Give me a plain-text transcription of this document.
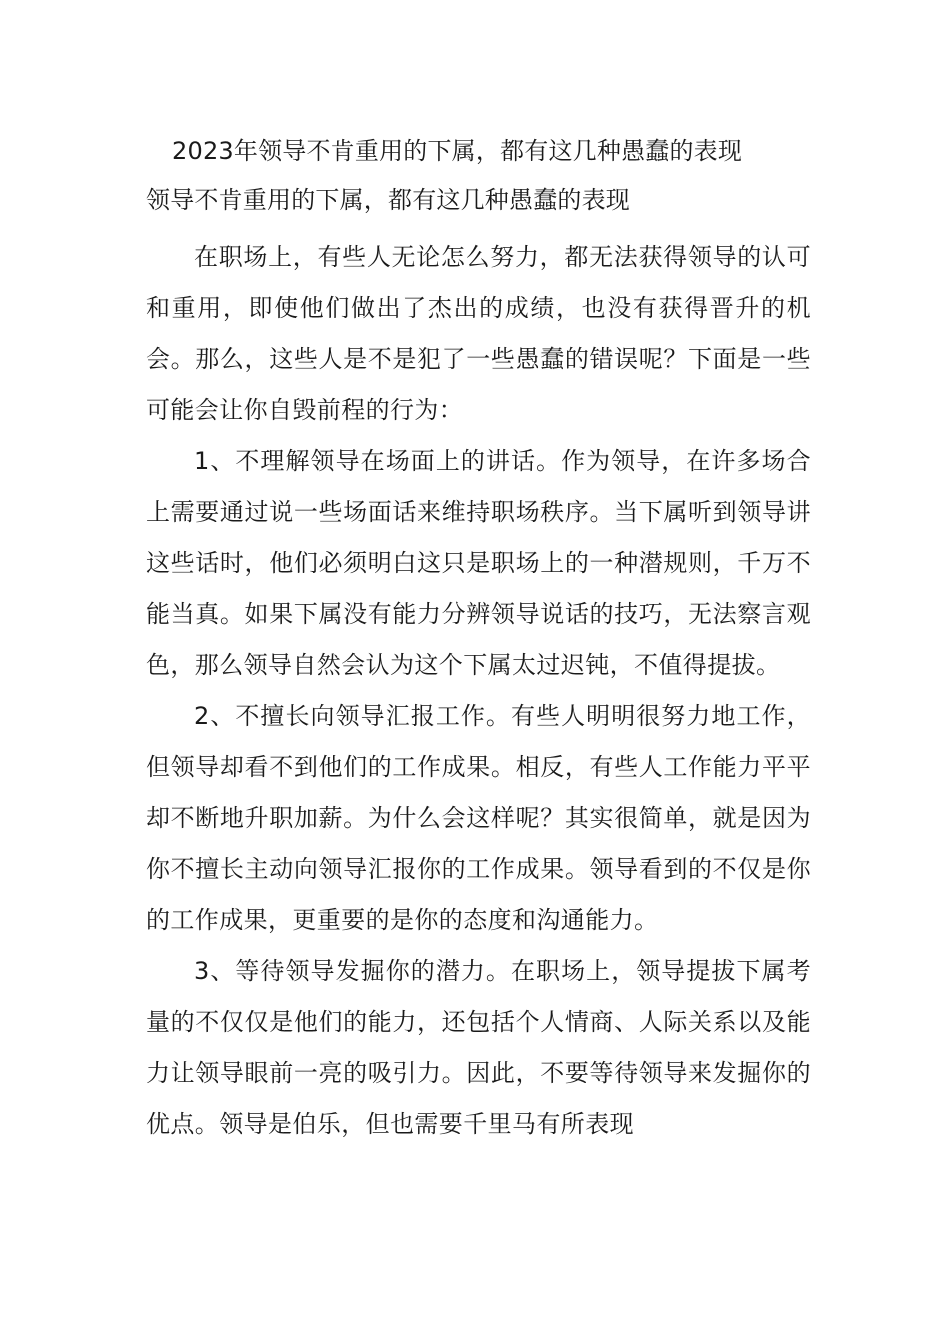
2023年领导不肯重用的下属，都有这几种愚蠢的表现
领导不肯重用的下属，都有这几种愚蠢的表现

在职场上，有些人无论怎么努力，都无法获得领导的认可和重用，即使他们做出了杰出的成绩，也没有获得晋升的机会。那么，这些人是不是犯了一些愚蠢的错误呢？下面是一些可能会让你自毁前程的行为：

1、不理解领导在场面上的讲话。作为领导，在许多场合上需要通过说一些场面话来维持职场秩序。当下属听到领导讲这些话时，他们必须明白这只是职场上的一种潜规则，千万不能当真。如果下属没有能力分辨领导说话的技巧，无法察言观色，那么领导自然会认为这个下属太过迟钝，不值得提拔。

2、不擅长向领导汇报工作。有些人明明很努力地工作，但领导却看不到他们的工作成果。相反，有些人工作能力平平却不断地升职加薪。为什么会这样呢？其实很简单，就是因为你不擅长主动向领导汇报你的工作成果。领导看到的不仅是你的工作成果，更重要的是你的态度和沟通能力。

3、等待领导发掘你的潜力。在职场上，领导提拔下属考量的不仅仅是他们的能力，还包括个人情商、人际关系以及能力让领导眼前一亮的吸引力。因此，不要等待领导来发掘你的优点。领导是伯乐，但也需要千里马有所表现
